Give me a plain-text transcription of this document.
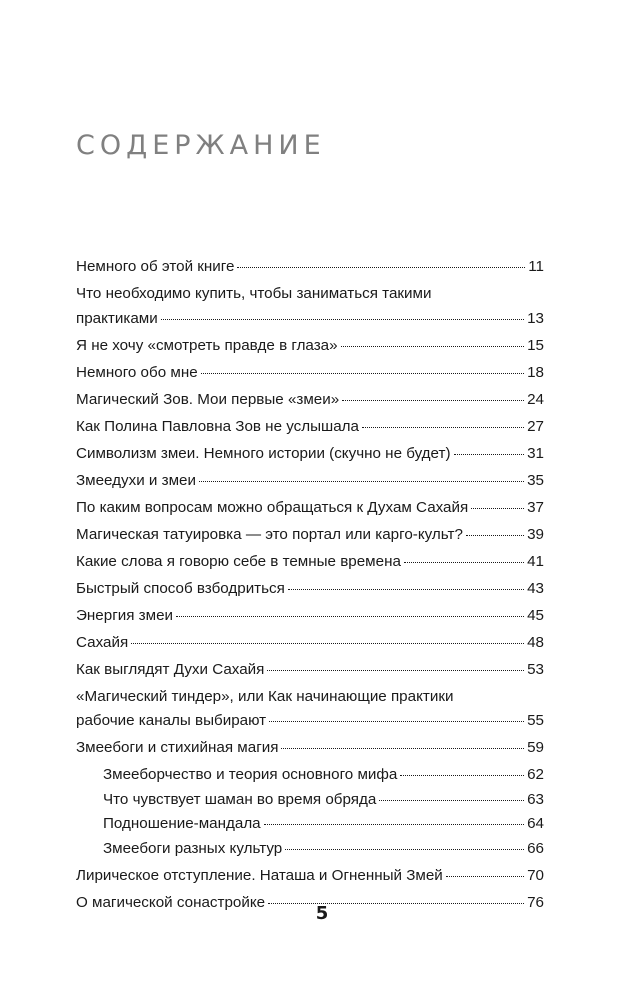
СОДЕРЖАНИЕ
Немного об этой книге	11
Что необходимо купить, чтобы заниматься такими
практиками	13
Я не хочу «смотреть правде в глаза»	15
Немного обо мне	18
Магический Зов. Мои первые «змеи»	24
Как Полина Павловна Зов не услышала	27
Символизм змеи. Немного истории (скучно не будет)	31
Змеедухи и змеи	35
По каким вопросам можно обращаться к Духам Сахайя	37
Магическая татуировка — это портал или карго-культ?	39
Какие слова я говорю себе в темные времена	41
Быстрый способ взбодриться	43
Энергия змеи	45
Сахайя	48
Как выглядят Духи Сахайя	53
«Магический тиндер», или Как начинающие практики
рабочие каналы выбирают	55
Змеебоги и стихийная магия	59
Змееборчество и теория основного мифа	62
Что чувствует шаман во время обряда	63
Подношение-мандала	64
Змеебоги разных культур	66
Лирическое отступление. Наташа и Огненный Змей	70
О магической сонастройке	76
5
